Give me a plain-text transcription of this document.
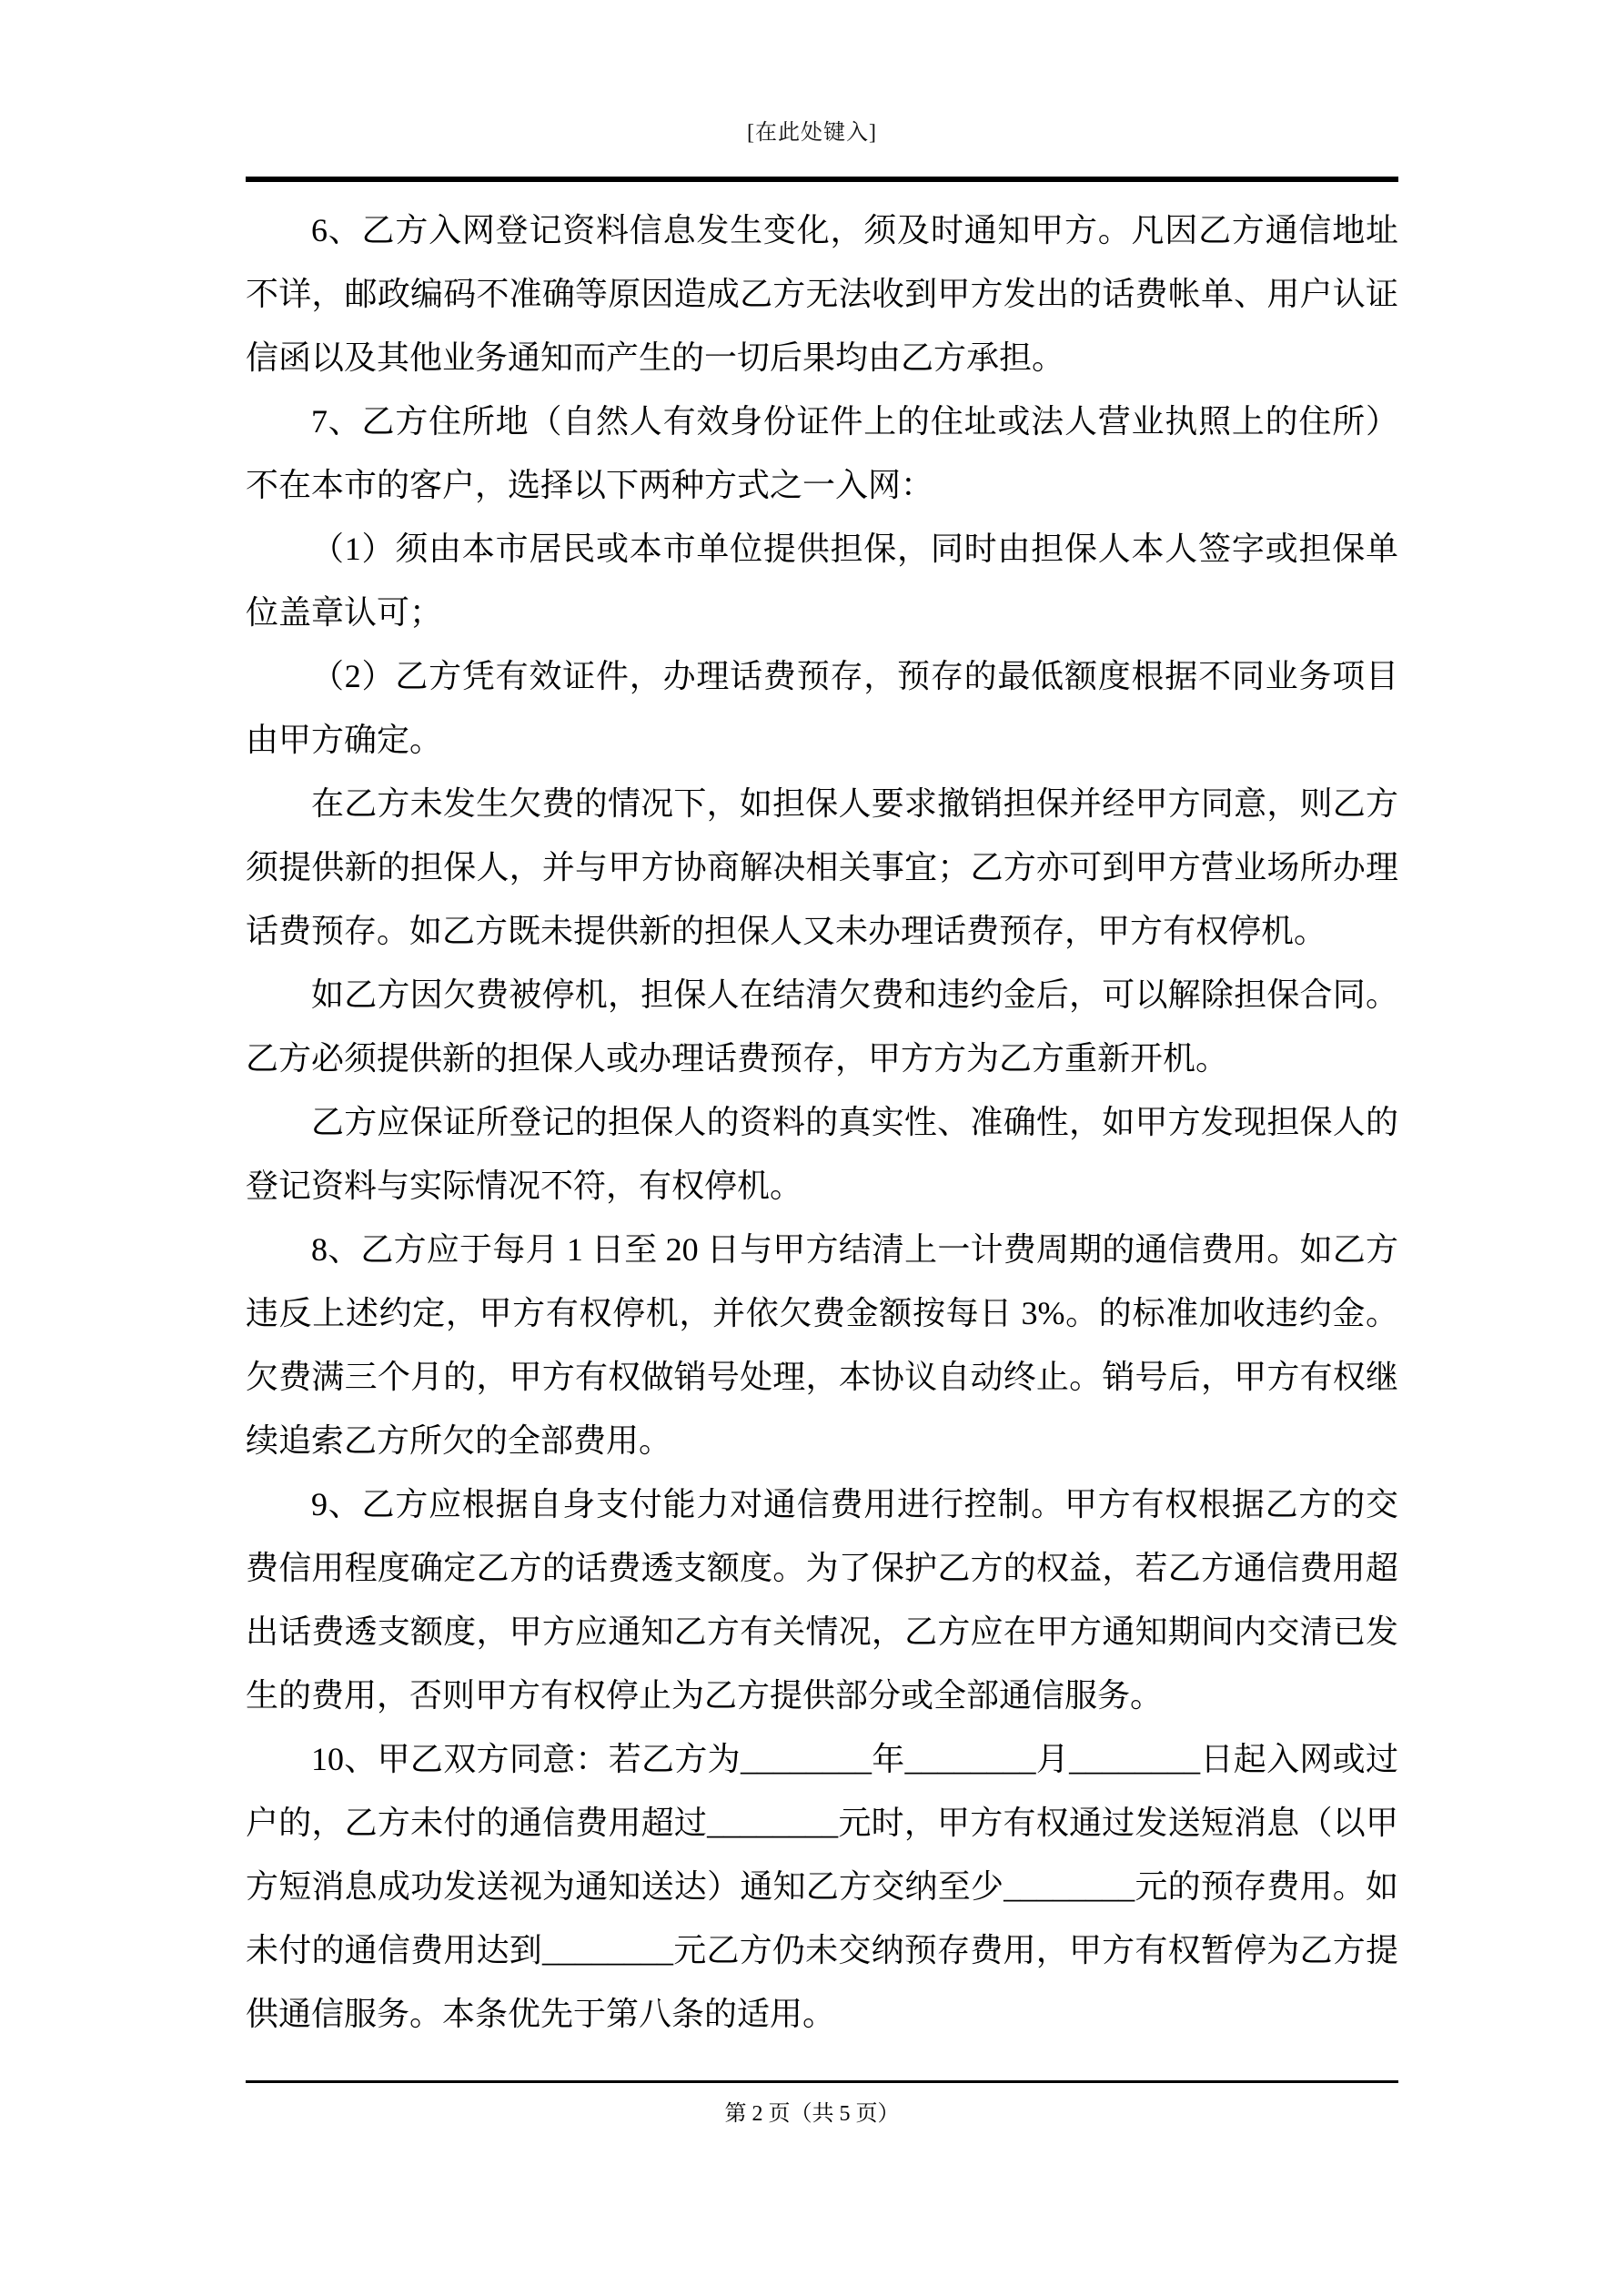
[在此处键入]

6、乙方入网登记资料信息发生变化，须及时通知甲方。凡因乙方通信地址不详，邮政编码不准确等原因造成乙方无法收到甲方发出的话费帐单、用户认证信函以及其他业务通知而产生的一切后果均由乙方承担。

7、乙方住所地（自然人有效身份证件上的住址或法人营业执照上的住所）不在本市的客户，选择以下两种方式之一入网：

（1）须由本市居民或本市单位提供担保，同时由担保人本人签字或担保单位盖章认可；

（2）乙方凭有效证件，办理话费预存，预存的最低额度根据不同业务项目由甲方确定。

在乙方未发生欠费的情况下，如担保人要求撤销担保并经甲方同意，则乙方须提供新的担保人，并与甲方协商解决相关事宜；乙方亦可到甲方营业场所办理话费预存。如乙方既未提供新的担保人又未办理话费预存，甲方有权停机。

如乙方因欠费被停机，担保人在结清欠费和违约金后，可以解除担保合同。乙方必须提供新的担保人或办理话费预存，甲方方为乙方重新开机。

乙方应保证所登记的担保人的资料的真实性、准确性，如甲方发现担保人的登记资料与实际情况不符，有权停机。

8、乙方应于每月 1 日至 20 日与甲方结清上一计费周期的通信费用。如乙方违反上述约定，甲方有权停机，并依欠费金额按每日 3%。的标准加收违约金。欠费满三个月的，甲方有权做销号处理，本协议自动终止。销号后，甲方有权继续追索乙方所欠的全部费用。

9、乙方应根据自身支付能力对通信费用进行控制。甲方有权根据乙方的交费信用程度确定乙方的话费透支额度。为了保护乙方的权益，若乙方通信费用超出话费透支额度，甲方应通知乙方有关情况，乙方应在甲方通知期间内交清已发生的费用，否则甲方有权停止为乙方提供部分或全部通信服务。

10、甲乙双方同意：若乙方为________年________月________日起入网或过户的，乙方未付的通信费用超过________元时，甲方有权通过发送短消息（以甲方短消息成功发送视为通知送达）通知乙方交纳至少________元的预存费用。如未付的通信费用达到________元乙方仍未交纳预存费用，甲方有权暂停为乙方提供通信服务。本条优先于第八条的适用。

第 2 页（共 5 页）
